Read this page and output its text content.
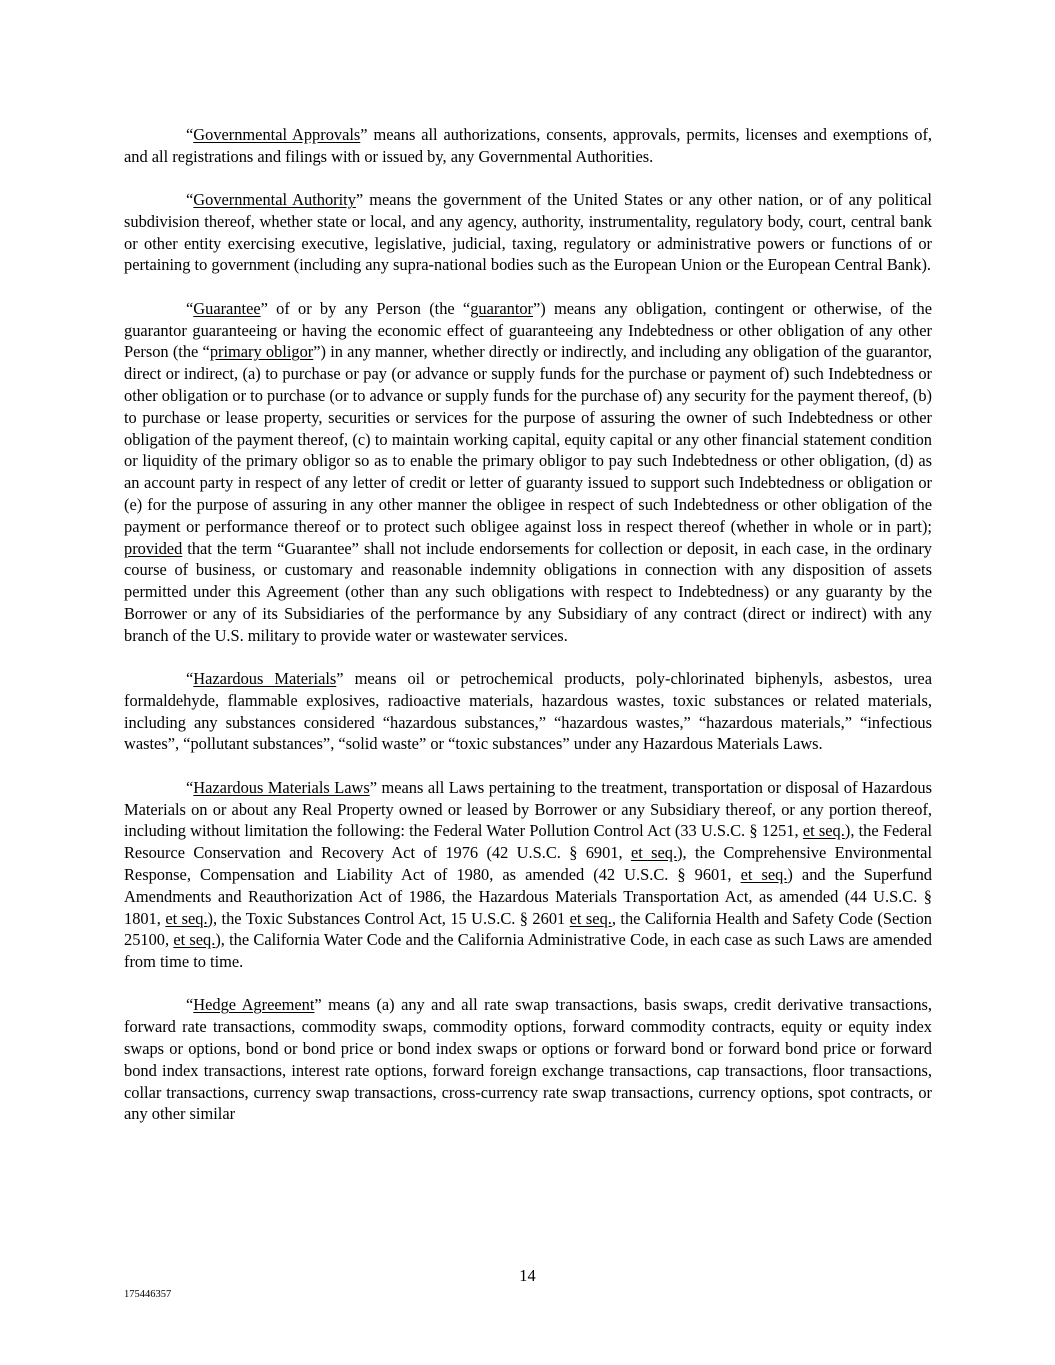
“Governmental Approvals” means all authorizations, consents, approvals, permits, licenses and exemptions of, and all registrations and filings with or issued by, any Governmental Authorities.

“Governmental Authority” means the government of the United States or any other nation, or of any political subdivision thereof, whether state or local, and any agency, authority, instrumentality, regulatory body, court, central bank or other entity exercising executive, legislative, judicial, taxing, regulatory or administrative powers or functions of or pertaining to government (including any supra-national bodies such as the European Union or the European Central Bank).

“Guarantee” of or by any Person (the “guarantor”) means any obligation, contingent or otherwise, of the guarantor guaranteeing or having the economic effect of guaranteeing any Indebtedness or other obligation of any other Person (the “primary obligor”) in any manner, whether directly or indirectly, and including any obligation of the guarantor, direct or indirect, (a) to purchase or pay (or advance or supply funds for the purchase or payment of) such Indebtedness or other obligation or to purchase (or to advance or supply funds for the purchase of) any security for the payment thereof, (b) to purchase or lease property, securities or services for the purpose of assuring the owner of such Indebtedness or other obligation of the payment thereof, (c) to maintain working capital, equity capital or any other financial statement condition or liquidity of the primary obligor so as to enable the primary obligor to pay such Indebtedness or other obligation, (d) as an account party in respect of any letter of credit or letter of guaranty issued to support such Indebtedness or obligation or (e) for the purpose of assuring in any other manner the obligee in respect of such Indebtedness or other obligation of the payment or performance thereof or to protect such obligee against loss in respect thereof (whether in whole or in part); provided that the term “Guarantee” shall not include endorsements for collection or deposit, in each case, in the ordinary course of business, or customary and reasonable indemnity obligations in connection with any disposition of assets permitted under this Agreement (other than any such obligations with respect to Indebtedness) or any guaranty by the Borrower or any of its Subsidiaries of the performance by any Subsidiary of any contract (direct or indirect) with any branch of the U.S. military to provide water or wastewater services.

“Hazardous Materials” means oil or petrochemical products, poly-chlorinated biphenyls, asbestos, urea formaldehyde, flammable explosives, radioactive materials, hazardous wastes, toxic substances or related materials, including any substances considered “hazardous substances,” “hazardous wastes,” “hazardous materials,” “infectious wastes”, “pollutant substances”, “solid waste” or “toxic substances” under any Hazardous Materials Laws.

“Hazardous Materials Laws” means all Laws pertaining to the treatment, transportation or disposal of Hazardous Materials on or about any Real Property owned or leased by Borrower or any Subsidiary thereof, or any portion thereof, including without limitation the following: the Federal Water Pollution Control Act (33 U.S.C. § 1251, et seq.), the Federal Resource Conservation and Recovery Act of 1976 (42 U.S.C. § 6901, et seq.), the Comprehensive Environmental Response, Compensation and Liability Act of 1980, as amended (42 U.S.C. § 9601, et seq.) and the Superfund Amendments and Reauthorization Act of 1986, the Hazardous Materials Transportation Act, as amended (44 U.S.C. § 1801, et seq.), the Toxic Substances Control Act, 15 U.S.C. § 2601 et seq., the California Health and Safety Code (Section 25100, et seq.), the California Water Code and the California Administrative Code, in each case as such Laws are amended from time to time.

“Hedge Agreement” means (a) any and all rate swap transactions, basis swaps, credit derivative transactions, forward rate transactions, commodity swaps, commodity options, forward commodity contracts, equity or equity index swaps or options, bond or bond price or bond index swaps or options or forward bond or forward bond price or forward bond index transactions, interest rate options, forward foreign exchange transactions, cap transactions, floor transactions, collar transactions, currency swap transactions, cross-currency rate swap transactions, currency options, spot contracts, or any other similar

14
175446357
